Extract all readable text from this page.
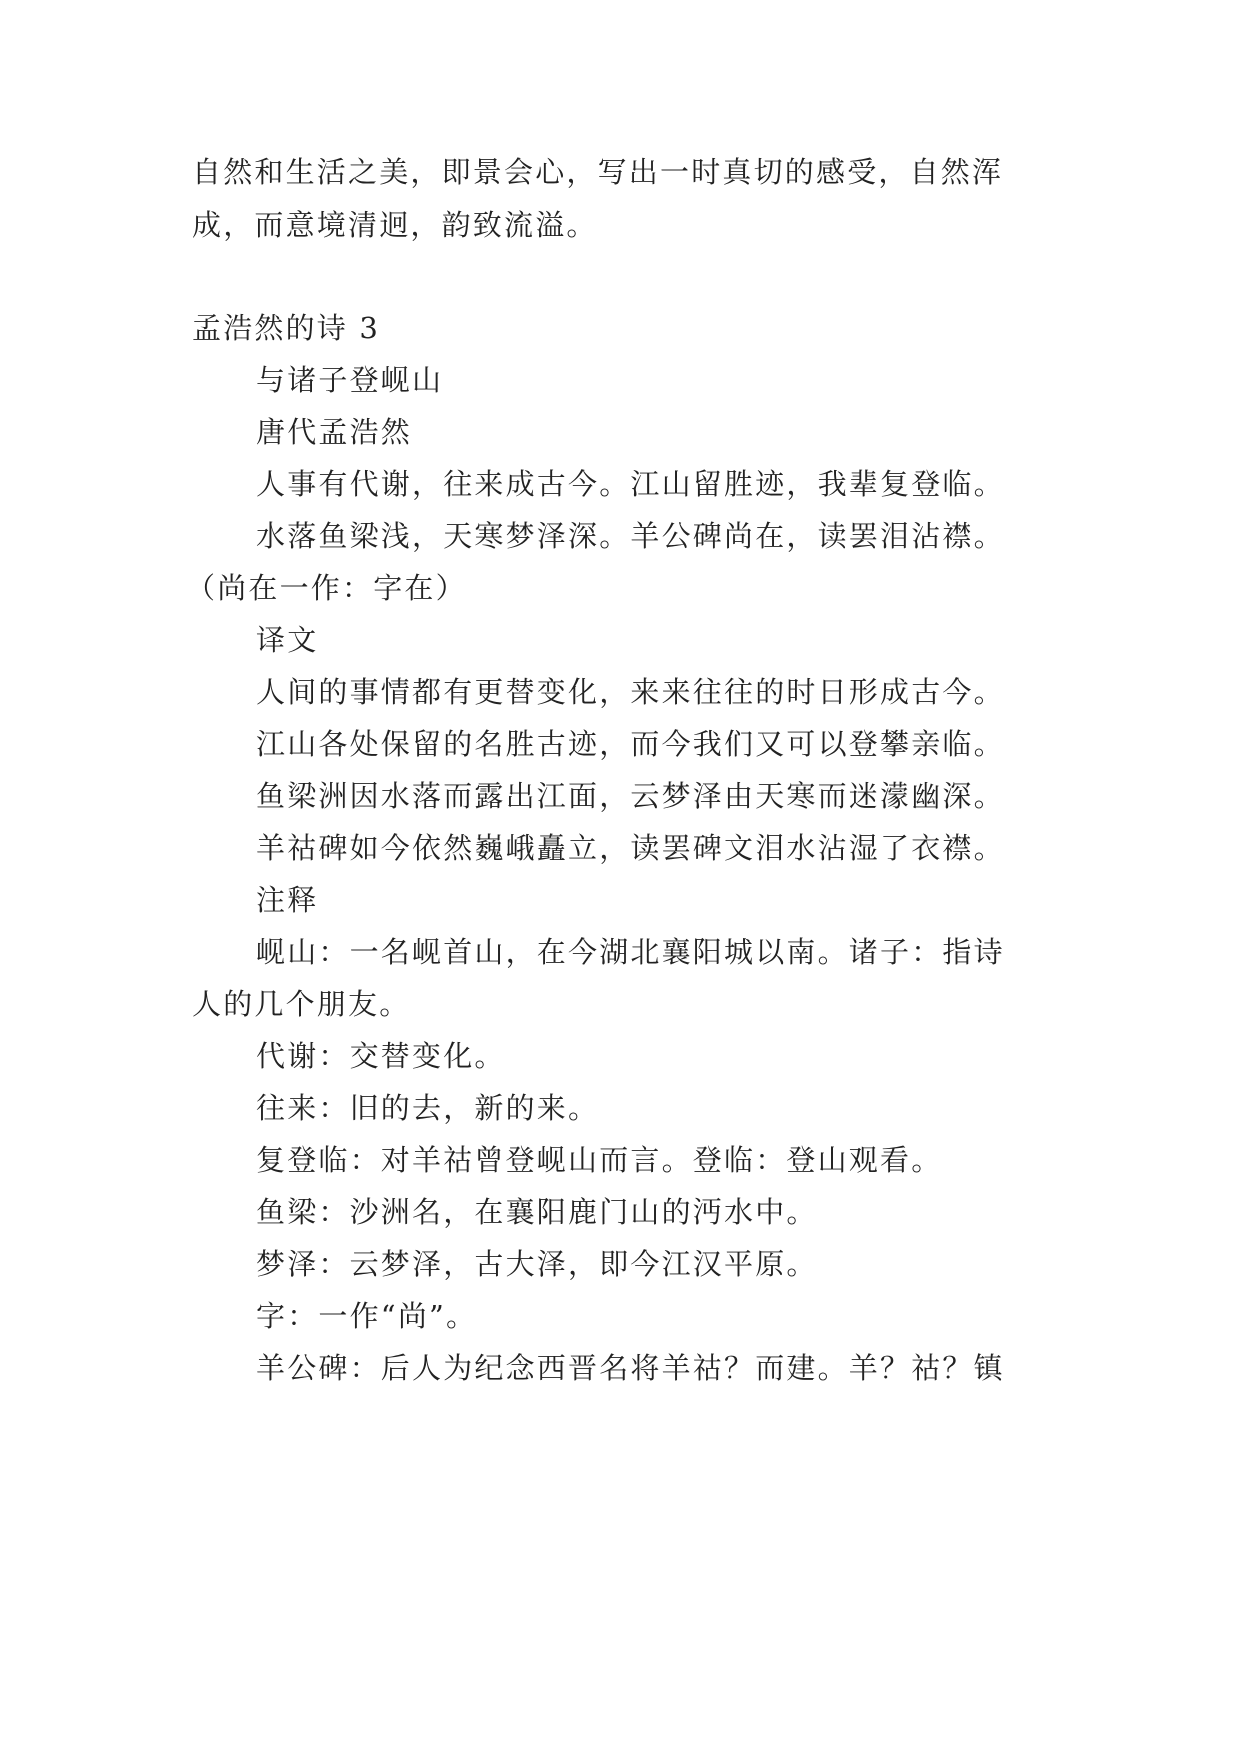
自然和生活之美，即景会心，写出一时真切的感受，自然浑
成，而意境清迥，韵致流溢。
孟浩然的诗 3
与诸子登岘山
唐代孟浩然
人事有代谢，往来成古今。江山留胜迹，我辈复登临。
水落鱼梁浅，天寒梦泽深。羊公碑尚在，读罢泪沾襟。
（尚在一作：字在）
译文
人间的事情都有更替变化，来来往往的时日形成古今。
江山各处保留的名胜古迹，而今我们又可以登攀亲临。
鱼梁洲因水落而露出江面，云梦泽由天寒而迷濛幽深。
羊祜碑如今依然巍峨矗立，读罢碑文泪水沾湿了衣襟。
注释
岘山：一名岘首山，在今湖北襄阳城以南。诸子：指诗
人的几个朋友。
代谢：交替变化。
往来：旧的去，新的来。
复登临：对羊祜曾登岘山而言。登临：登山观看。
鱼梁：沙洲名，在襄阳鹿门山的沔水中。
梦泽：云梦泽，古大泽，即今江汉平原。
字：一作“尚”。
羊公碑：后人为纪念西晋名将羊祜？而建。羊？祜？镇
